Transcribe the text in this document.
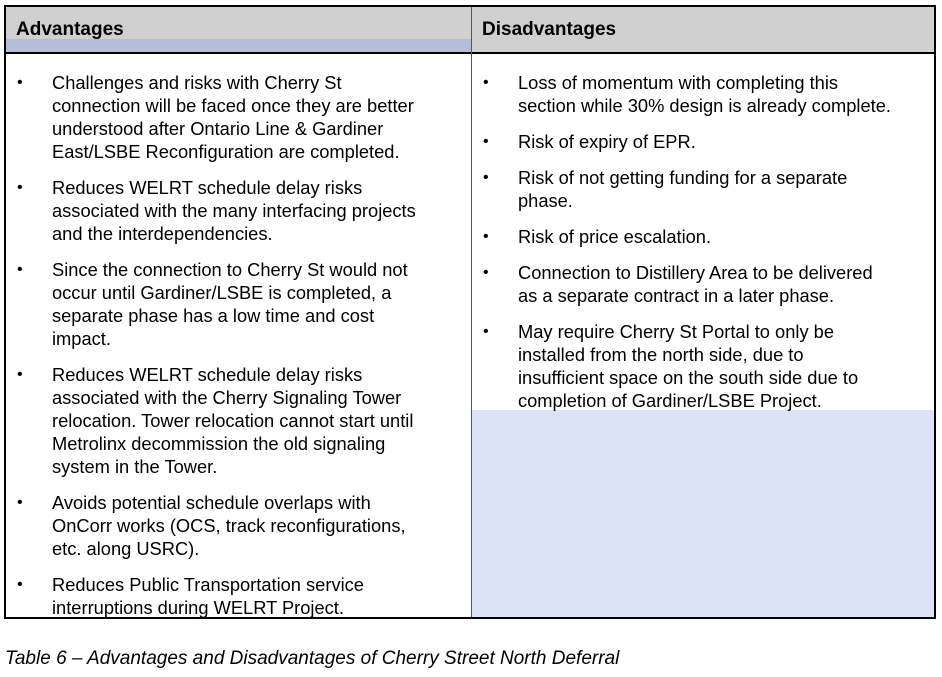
Advantages
• Challenges and risks with Cherry St
connection will be faced once they are better
understood after Ontario Line & Gardiner
East/LSBE Reconfiguration are completed.
• Reduces WELRT schedule delay risks
associated with the many interfacing projects
and the interdependencies.
• Since the connection to Cherry St would not
occur until Gardiner/LSBE is completed, a
separate phase has a low time and cost
impact.
• Reduces WELRT schedule delay risks
associated with the Cherry Signaling Tower
relocation. Tower relocation cannot start until
Metrolinx decommission the old signaling
system in the Tower.
• Avoids potential schedule overlaps with
OnCorr works (OCS, track reconfigurations,
etc. along USRC).
• Reduces Public Transportation service
interruptions during WELRT Project.
Disadvantages
• Loss of momentum with completing this
section while 30% design is already complete.
• Risk of expiry of EPR.
• Risk of not getting funding for a separate
phase.
• Risk of price escalation.
• Connection to Distillery Area to be delivered
as a separate contract in a later phase.
• May require Cherry St Portal to only be
installed from the north side, due to
insufficient space on the south side due to
completion of Gardiner/LSBE Project.
Table 6 – Advantages and Disadvantages of Cherry Street North Deferral
